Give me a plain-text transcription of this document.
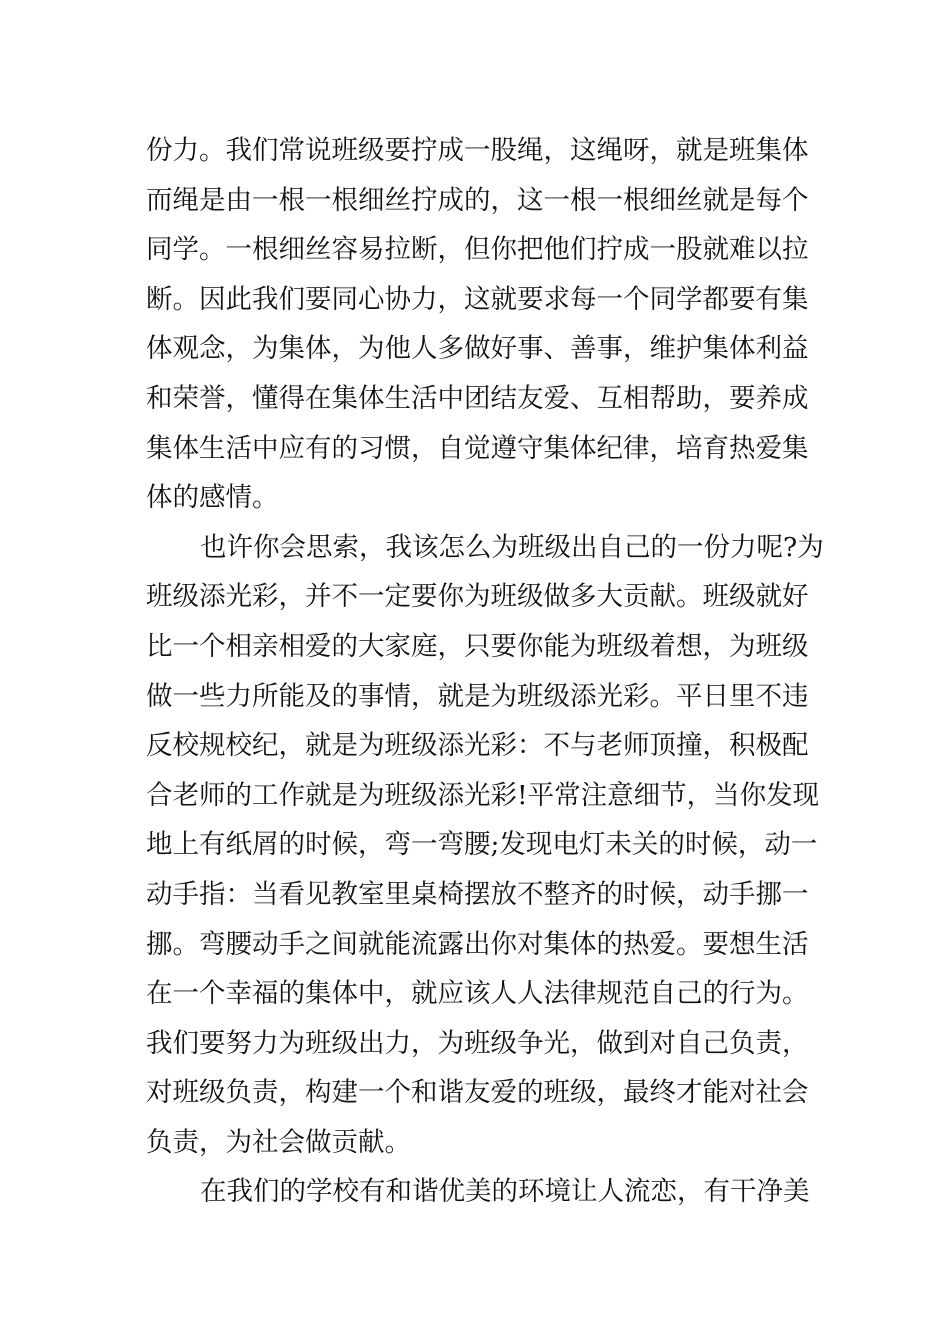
份力。我们常说班级要拧成一股绳，这绳呀，就是班集体
而绳是由一根一根细丝拧成的，这一根一根细丝就是每个
同学。一根细丝容易拉断，但你把他们拧成一股就难以拉
断。因此我们要同心协力，这就要求每一个同学都要有集
体观念，为集体，为他人多做好事、善事，维护集体利益
和荣誉，懂得在集体生活中团结友爱、互相帮助，要养成
集体生活中应有的习惯，自觉遵守集体纪律，培育热爱集
体的感情。
也许你会思索，我该怎么为班级出自己的一份力呢?为
班级添光彩，并不一定要你为班级做多大贡献。班级就好
比一个相亲相爱的大家庭，只要你能为班级着想，为班级
做一些力所能及的事情，就是为班级添光彩。平日里不违
反校规校纪，就是为班级添光彩：不与老师顶撞，积极配
合老师的工作就是为班级添光彩!平常注意细节，当你发现
地上有纸屑的时候，弯一弯腰;发现电灯未关的时候，动一
动手指：当看见教室里桌椅摆放不整齐的时候，动手挪一
挪。弯腰动手之间就能流露出你对集体的热爱。要想生活
在一个幸福的集体中，就应该人人法律规范自己的行为。
我们要努力为班级出力，为班级争光，做到对自己负责，
对班级负责，构建一个和谐友爱的班级，最终才能对社会
负责，为社会做贡献。
在我们的学校有和谐优美的环境让人流恋，有干净美
